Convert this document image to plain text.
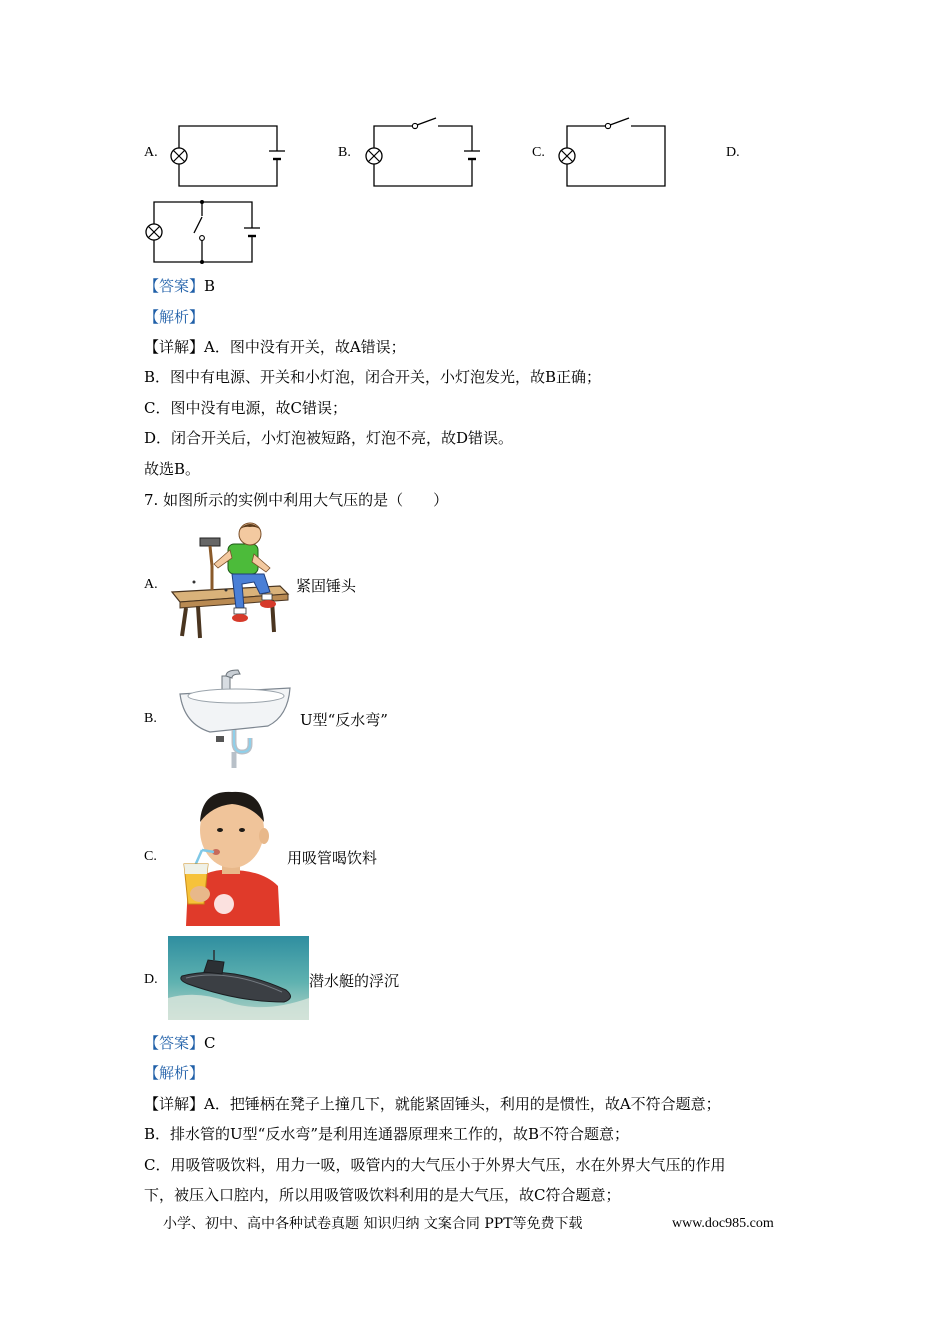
A.	B.	C.	D.
【答案】B
【解析】
【详解】A．图中没有开关，故A错误；
B．图中有电源、开关和小灯泡，闭合开关，小灯泡发光，故B正确；
C．图中没有电源，故C错误；
D．闭合开关后，小灯泡被短路，灯泡不亮，故D错误。
故选B。
7. 如图所示的实例中利用大气压的是（　　）
A.	紧固锤头
B.	U型“反水弯”
C.	用吸管喝饮料
D.	潜水艇的浮沉
【答案】C
【解析】
【详解】A．把锤柄在凳子上撞几下，就能紧固锤头，利用的是惯性，故A不符合题意；
B．排水管的U型“反水弯”是利用连通器原理来工作的，故B不符合题意；
C．用吸管吸饮料，用力一吸，吸管内的大气压小于外界大气压，水在外界大气压的作用
下，被压入口腔内，所以用吸管吸饮料利用的是大气压，故C符合题意；
小学、初中、高中各种试卷真题 知识归纳 文案合同 PPT等免费下载	www.doc985.com
